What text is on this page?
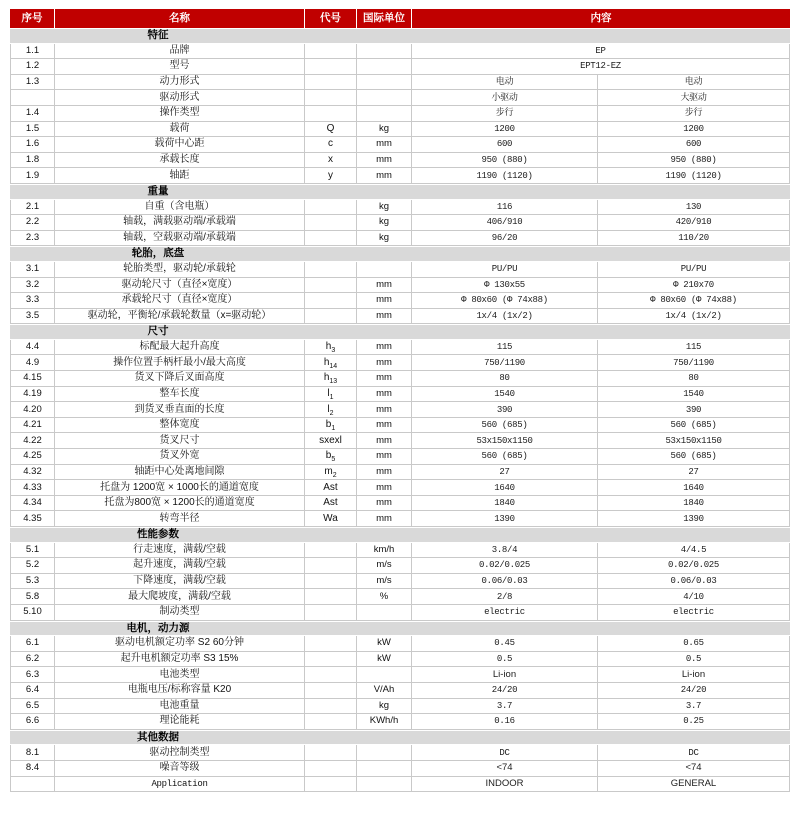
序号	名称	代号	国际单位	内容	

特征					

1.1	品牌			EP	
1.2	型号			EPT12-EZ	
1.3	动力形式			电动	电动
	驱动形式			小驱动	大驱动
1.4	操作类型			步行	步行
1.5	载荷	Q	kg	1200	1200
1.6	载荷中心距	c	mm	600	600
1.8	承载长度	x	mm	950 (880)	950 (880)
1.9	轴距	y	mm	1190 (1120)	1190 (1120)

重量					

2.1	自重（含电瓶）		kg	116	130
2.2	轴载，满载驱动端/承载端		kg	406/910	420/910
2.3	轴载，空载驱动端/承载端		kg	96/20	110/20

轮胎，底盘					

3.1	轮胎类型，驱动轮/承载轮			PU/PU	PU/PU
3.2	驱动轮尺寸（直径×宽度）		mm	Φ 130x55	Φ 210x70
3.3	承载轮尺寸（直径×宽度）		mm	Φ 80x60 (Φ 74x88)	Φ 80x60 (Φ 74x88)
3.5	驱动轮，平衡轮/承载轮数量（x=驱动轮）		mm	1x/4 (1x/2)	1x/4 (1x/2)

尺寸					

4.4	标配最大起升高度	$h_3$	mm	115	115
4.9	操作位置手柄杆最小/最大高度	$h_{14}$	mm	750/1190	750/1190
4.15	货叉下降后叉面高度	$h_{13}$	mm	80	80
4.19	整车长度	$l_1$	mm	1540	1540
4.20	到货叉垂直面的长度	$l_2$	mm	390	390
4.21	整体宽度	$b_1$	mm	560 (685)	560 (685)
4.22	货叉尺寸	sxexl	mm	53x150x1150	53x150x1150
4.25	货叉外宽	$b_5$	mm	560 (685)	560 (685)
4.32	轴距中心处离地间隙	$m_2$	mm	27	27
4.33	托盘为 1200宽 × 1000长的通道宽度	Ast	mm	1640	1640
4.34	托盘为800宽 × 1200长的通道宽度	Ast	mm	1840	1840
4.35	转弯半径	Wa	mm	1390	1390

性能参数					

5.1	行走速度，满载/空载		km/h	3.8/4	4/4.5
5.2	起升速度，满载/空载		m/s	0.02/0.025	0.02/0.025
5.3	下降速度，满载/空载		m/s	0.06/0.03	0.06/0.03
5.8	最大爬坡度，满载/空载		%	2/8	4/10
5.10	制动类型			electric	electric

电机，动力源					

6.1	驱动电机额定功率 S2 60分钟		kW	0.45	0.65
6.2	起升电机额定功率 S3 15%		kW	0.5	0.5
6.3	电池类型			Li-ion	Li-ion
6.4	电瓶电压/标称容量 K20		V/Ah	24/20	24/20
6.5	电池重量		kg	3.7	3.7
6.6	理论能耗		KWh/h	0.16	0.25

其他数据					

8.1	驱动控制类型			DC	DC
8.4	噪音等级			<74	<74
	Application			INDOOR	GENERAL
